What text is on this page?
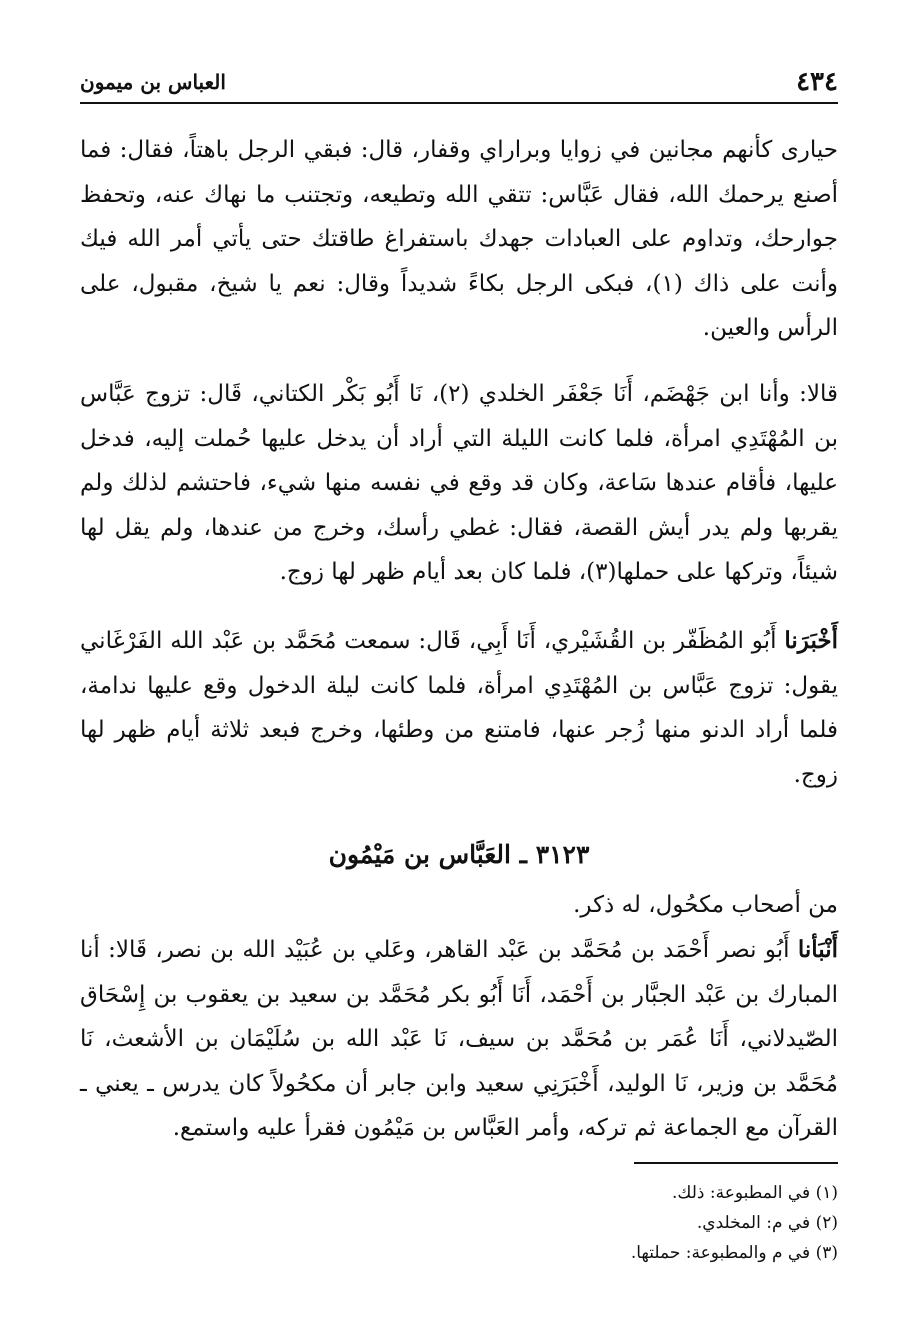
٤٣٤
العباس بن ميمون

حيارى كأنهم مجانين في زوايا وبراراي وقفار، قال: فبقي الرجل باهتاً، فقال: فما أصنع يرحمك الله، فقال عَبَّاس: تتقي الله وتطيعه، وتجتنب ما نهاك عنه، وتحفظ جوارحك، وتداوم على العبادات جهدك باستفراغ طاقتك حتى يأتي أمر الله فيك وأنت على ذاك (١)، فبكى الرجل بكاءً شديداً وقال: نعم يا شيخ، مقبول، على الرأس والعين.

قالا: وأنا ابن جَهْضَم، أَنَا جَعْفَر الخلدي (٢)، نَا أَبُو بَكْر الكتاني، قَال: تزوج عَبَّاس بن المُهْتَدِي امرأة، فلما كانت الليلة التي أراد أن يدخل عليها حُملت إليه، فدخل عليها، فأقام عندها سَاعة، وكان قد وقع في نفسه منها شيء، فاحتشم لذلك ولم يقربها ولم يدر أيش القصة، فقال: غطي رأسك، وخرج من عندها، ولم يقل لها شيئاً، وتركها على حملها(٣)، فلما كان بعد أيام ظهر لها زوج.

أَخْبَرَنا أَبُو المُظَفّر بن القُشَيْري، أَنَا أَبِي، قَال: سمعت مُحَمَّد بن عَبْد الله الفَرْغَاني يقول: تزوج عَبَّاس بن المُهْتَدِي امرأة، فلما كانت ليلة الدخول وقع عليها ندامة، فلما أراد الدنو منها زُجر عنها، فامتنع من وطئها، وخرج فبعد ثلاثة أيام ظهر لها زوج.

٣١٢٣ ـ العَبَّاس بن مَيْمُون

من أصحاب مكحُول، له ذكر.

أَنْبَأنا أَبُو نصر أَحْمَد بن مُحَمَّد بن عَبْد القاهر، وعَلي بن عُبَيْد الله بن نصر، قَالا: أنا المبارك بن عَبْد الجبَّار بن أَحْمَد، أَنَا أَبُو بكر مُحَمَّد بن سعيد بن يعقوب بن إِسْحَاق الصّيدلاني، أَنَا عُمَر بن مُحَمَّد بن سيف، نَا عَبْد الله بن سُلَيْمَان بن الأشعث، نَا مُحَمَّد بن وزير، نَا الوليد، أَخْبَرَنِي سعيد وابن جابر أن مكحُولاً كان يدرس ـ يعني ـ القرآن مع الجماعة ثم تركه، وأمر العَبَّاس بن مَيْمُون فقرأ عليه واستمع.

(١) في المطبوعة: ذلك.

(٢) في م: المخلدي.

(٣) في م والمطبوعة: حملتها.
